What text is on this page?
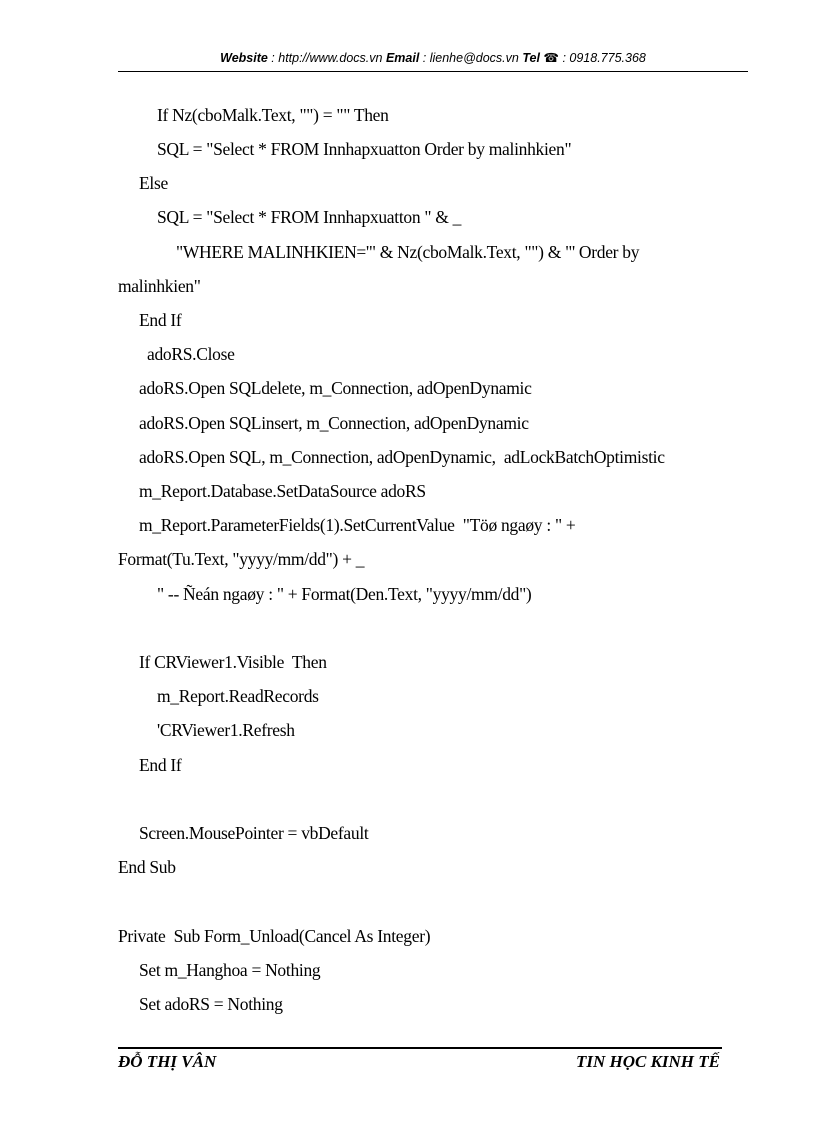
Website : http://www.docs.vn Email : lienhe@docs.vn Tel ☎ : 0918.775.368
If Nz(cboMalk.Text, "") = "" Then
SQL = "Select * FROM Innhapxuatton Order by malinhkien"
Else
SQL = "Select * FROM Innhapxuatton " & _
"WHERE MALINHKIEN='" & Nz(cboMalk.Text, "") & "' Order by
malinhkien"
End If
adoRS.Close
adoRS.Open SQLdelete, m_Connection, adOpenDynamic
adoRS.Open SQLinsert, m_Connection, adOpenDynamic
adoRS.Open SQL, m_Connection, adOpenDynamic,  adLockBatchOptimistic
m_Report.Database.SetDataSource adoRS
m_Report.ParameterFields(1).SetCurrentValue  "Töø ngaøy : " +
Format(Tu.Text, "yyyy/mm/dd") + _
" -- Ñeán ngaøy : " + Format(Den.Text, "yyyy/mm/dd")
If CRViewer1.Visible  Then
m_Report.ReadRecords
'CRViewer1.Refresh
End If
Screen.MousePointer = vbDefault
End Sub
Private  Sub Form_Unload(Cancel As Integer)
Set m_Hanghoa = Nothing
Set adoRS = Nothing
ĐỖ THỊ VÂN	TIN HỌC KINH TẾ
